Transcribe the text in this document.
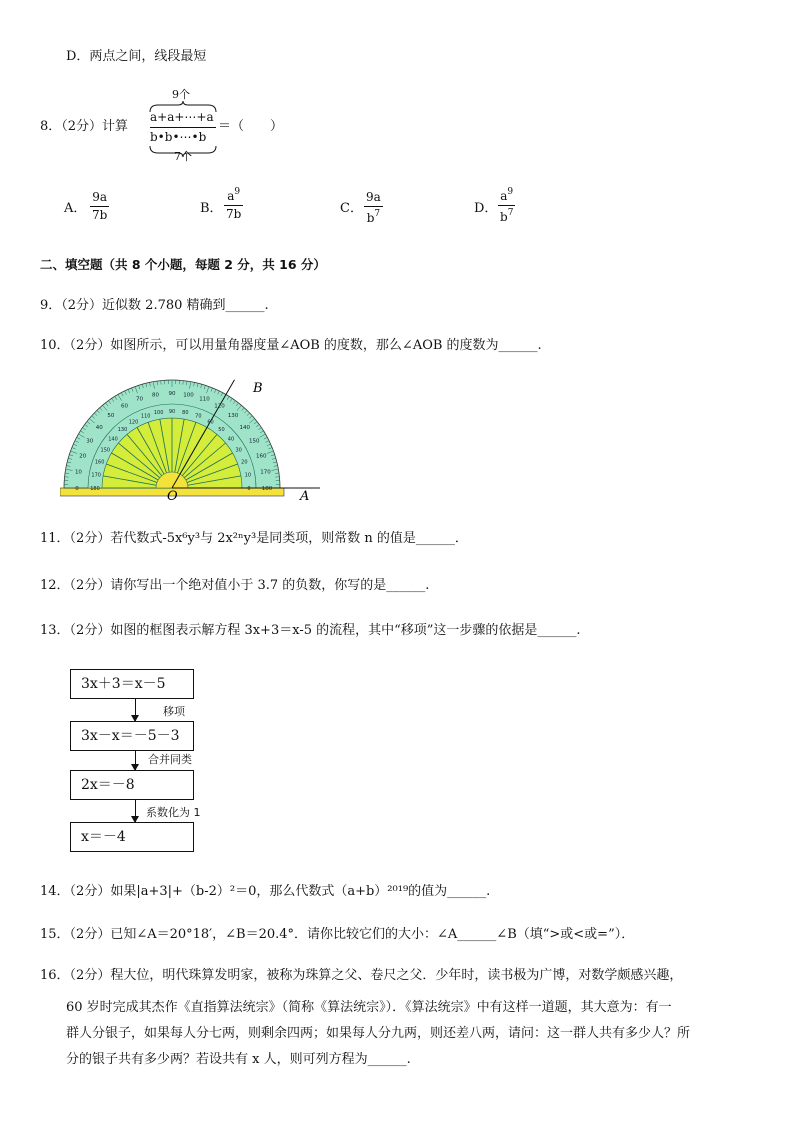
D．两点之间，线段最短
8．（2分）计算
9个
a+a+⋯+a
b•b•⋯•b
7个
＝（　　）
A．
9a
7b	B．
$a^9$
7b	C．
9a
$b^7$	D．
$a^9$
$b^7$
二、填空题（共 8 个小题，每题 2 分，共 16 分）
9．（2分）近似数 2.780 精确到______.
10．（2分）如图所示，可以用量角器度量∠AOB 的度数，那么∠AOB 的度数为______.
0
10
20
30
40
50
60
70
80 90 100
110
120
130
140
150
160
170
180
180
170
160
150
140
130
120
110
100 90 80
70
60
50
40
30
20
10
0
B
A
O
11．（2分）若代数式-5x⁶y³与 2x²ⁿy³是同类项，则常数 n 的值是______．
12．（2分）请你写出一个绝对值小于 3.7 的负数，你写的是______.
13．（2分）如图的框图表示解方程 3x+3＝x-5 的流程，其中“移项”这一步骤的依据是______.
3x＋3＝x－5
移项
3x－x＝－5－3
合并同类
2x＝－8
系数化为 1
x＝－4
14．（2分）如果|a+3|+（b-2）²＝0，那么代数式（a+b）²⁰¹⁹的值为______.
15．（2分）已知∠A＝20°18′，∠B＝20.4°．请你比较它们的大小：∠A______∠B（填“>或<或=”）．
16．（2分）程大位，明代珠算发明家，被称为珠算之父、卷尺之父．少年时，读书极为广博，对数学颇感兴趣，
60 岁时完成其杰作《直指算法统宗》（简称《算法统宗》）．《算法统宗》中有这样一道题，其大意为：有一
群人分银子，如果每人分七两，则剩余四两；如果每人分九两，则还差八两，请问：这一群人共有多少人？所
分的银子共有多少两？若设共有 x 人，则可列方程为______.
